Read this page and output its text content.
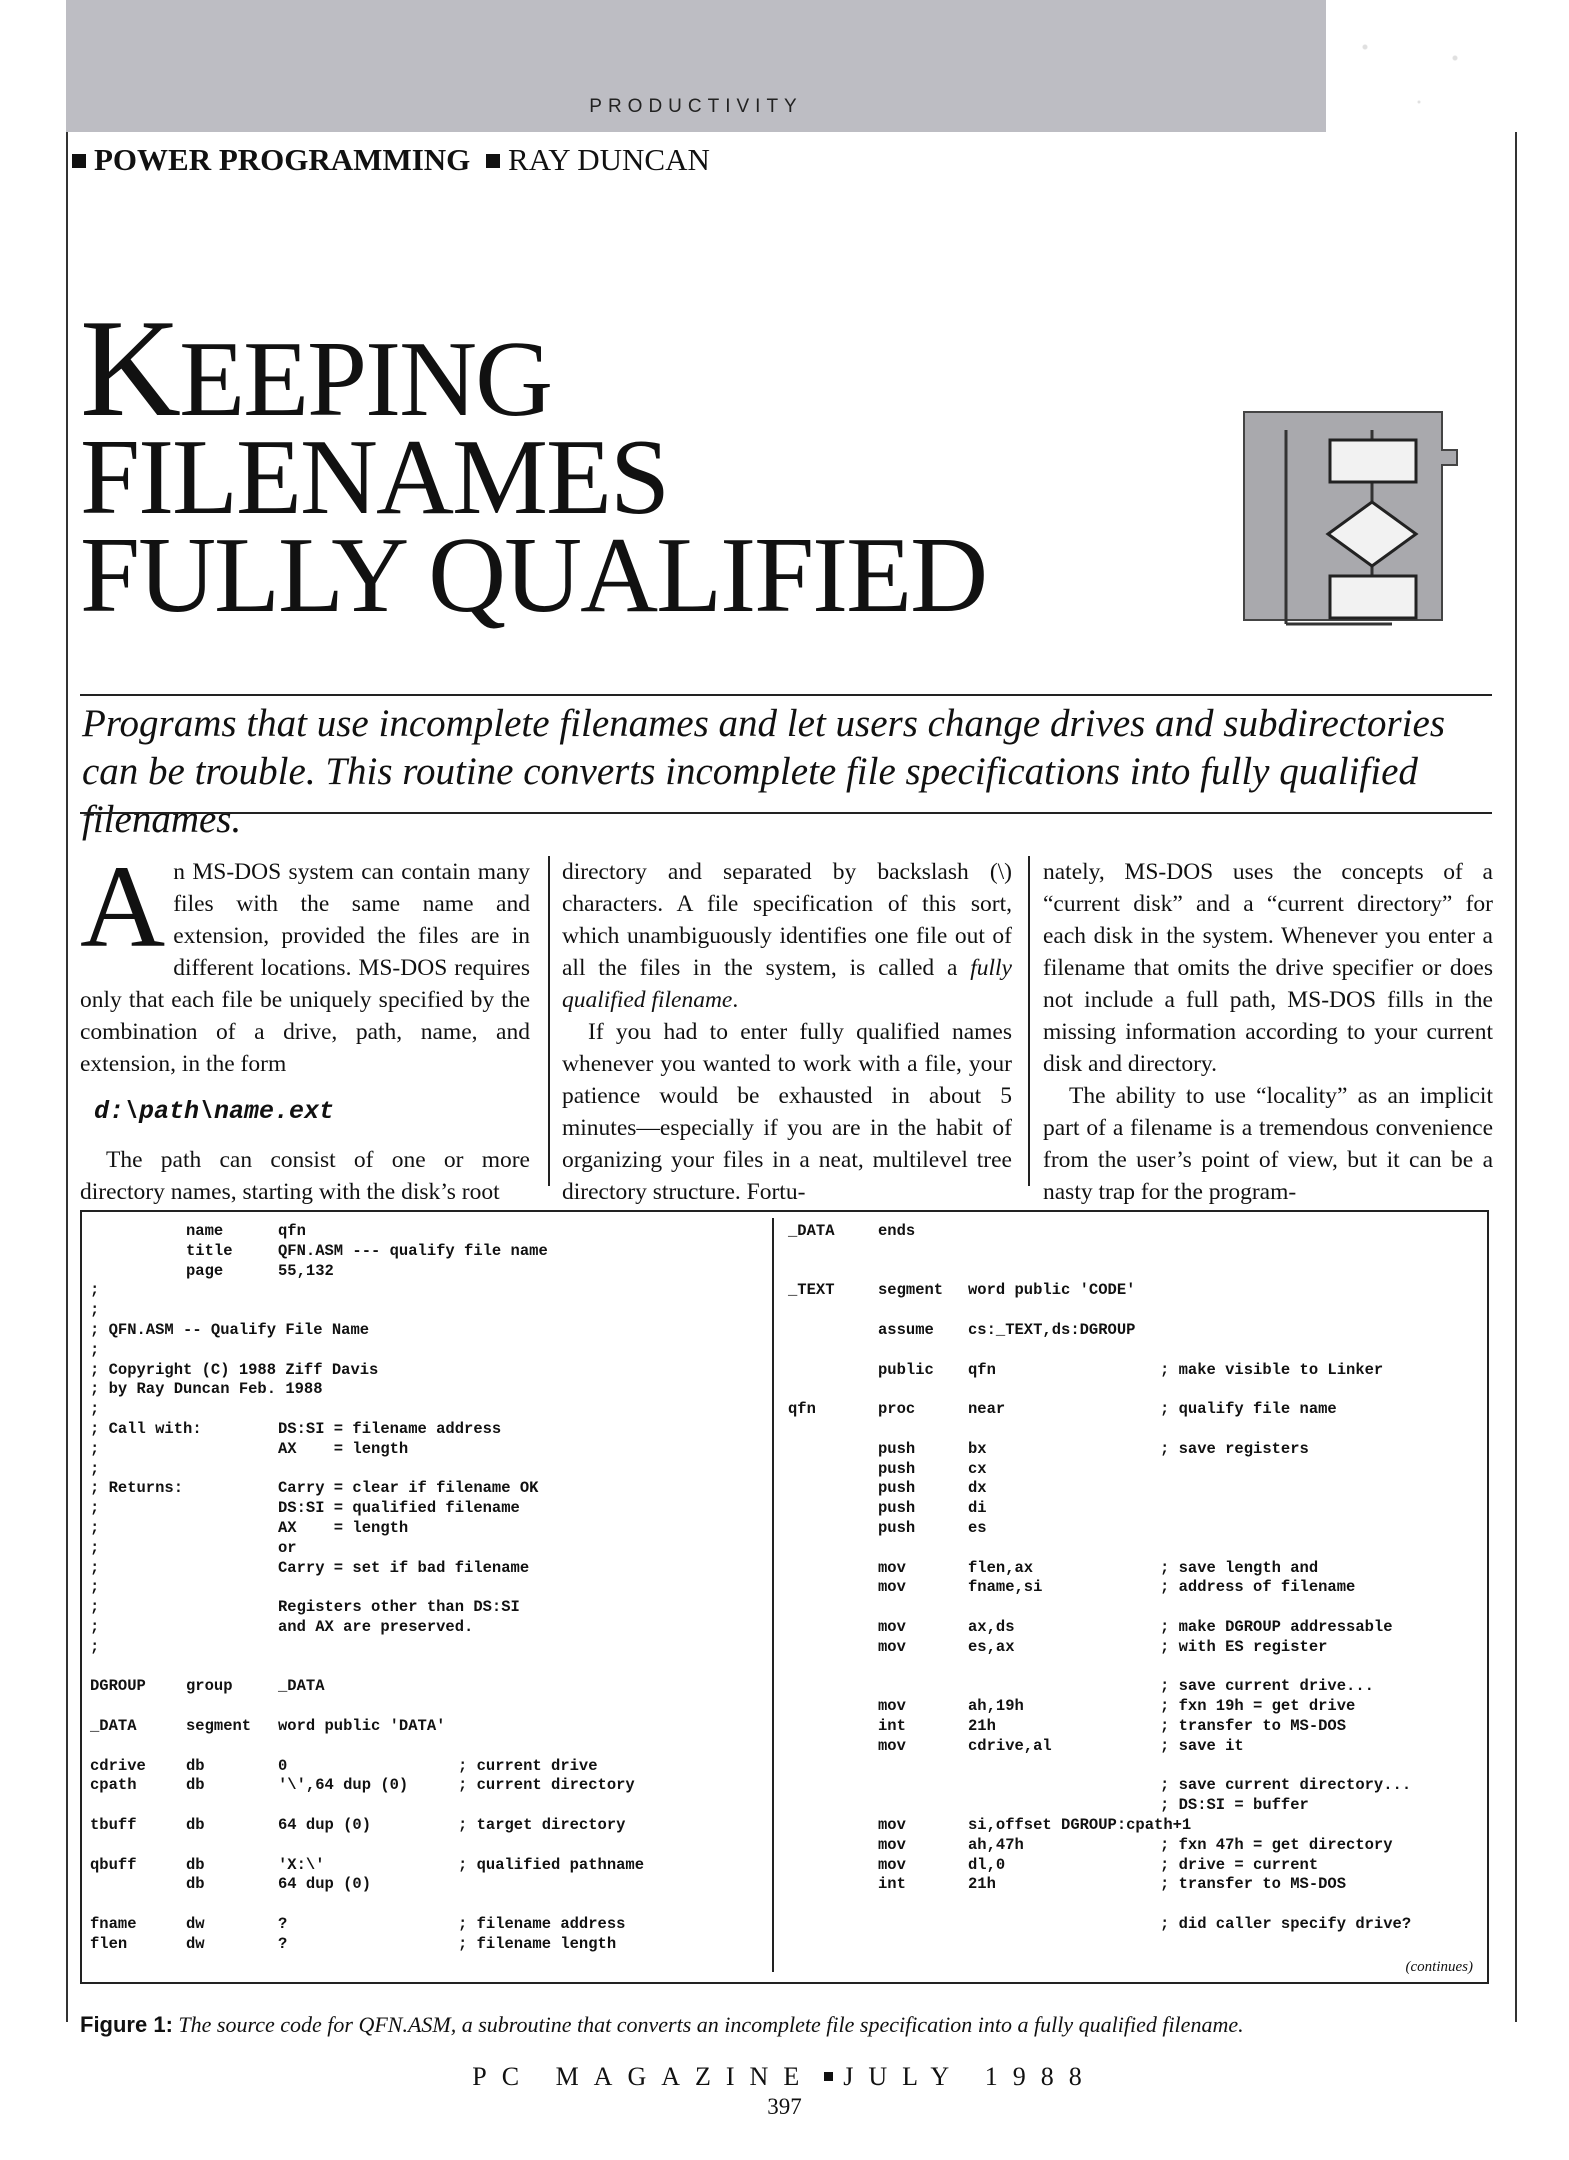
PRODUCTIVITY
POWER PROGRAMMING RAY DUNCAN
KEEPING
FILENAMES
FULLY QUALIFIED
Programs that use incomplete filenames and let users change drives and subdirectories can be trouble. This routine converts incomplete file specifications into fully qualified filenames.

An MS-DOS system can contain many files with the same name and extension, provided the files are in different locations. MS-DOS requires only that each file be uniquely specified by the combination of a drive, path, name, and extension, in the form

d:\path\name.ext

The path can consist of one or more directory names, starting with the disk’s root

directory and separated by backslash (\) characters. A file specification of this sort, which unambiguously identifies one file out of all the files in the system, is called a fully qualified filename.

If you had to enter fully qualified names whenever you wanted to work with a file, your patience would be exhausted in about 5 minutes—especially if you are in the habit of organizing your files in a neat, multilevel tree directory structure. Fortu-

nately, MS-DOS uses the concepts of a “current disk” and a “current directory” for each disk in the system. Whenever you enter a filename that omits the drive specifier or does not include a full path, MS-DOS fills in the missing information according to your current disk and directory.

The ability to use “locality” as an implicit part of a filename is a tremendous convenience from the user’s point of view, but it can be a nasty trap for the program-

name	qfn
title	QFN.ASM --- qualify file name
page	55,132
;
;
; QFN.ASM -- Qualify File Name
;
; Copyright (C) 1988 Ziff Davis
; by Ray Duncan Feb. 1988
;
; Call with:	DS:SI = filename address
;	AX    = length
;
; Returns:	Carry = clear if filename OK
;	DS:SI = qualified filename
;	AX    = length
;	or
;	Carry = set if bad filename
;
;	Registers other than DS:SI
;	and AX are preserved.
;
DGROUP	group	_DATA
_DATA	segment word public 'DATA'
cdrive	db	0	; current drive
cpath	db	'\',64 dup (0)	; current directory
tbuff	db	64 dup (0)	; target directory
qbuff	db	'X:\'	; qualified pathname
db	64 dup (0)
fname	dw	?	; filename address
flen	dw	?	; filename length
_DATA	ends
_TEXT	segment word public 'CODE'
assume cs:_TEXT,ds:DGROUP
public qfn	; make visible to Linker
qfn	proc	near	; qualify file name
push	bx	; save registers
push	cx
push	dx
push	di
push	es
mov	flen,ax	; save length and
mov	fname,si	; address of filename
mov	ax,ds	; make DGROUP addressable
mov	es,ax	; with ES register
; save current drive...
mov	ah,19h	; fxn 19h = get drive
int	21h	; transfer to MS-DOS
mov	cdrive,al	; save it
; save current directory...
; DS:SI = buffer
mov	si,offset DGROUP:cpath+1
mov	ah,47h	; fxn 47h = get directory
mov	dl,0	; drive = current
int	21h	; transfer to MS-DOS
; did caller specify drive?
(continues)
Figure 1: The source code for QFN.ASM, a subroutine that converts an incomplete file specification into a fully qualified filename.
PC MAGAZINE JULY 1988
397
